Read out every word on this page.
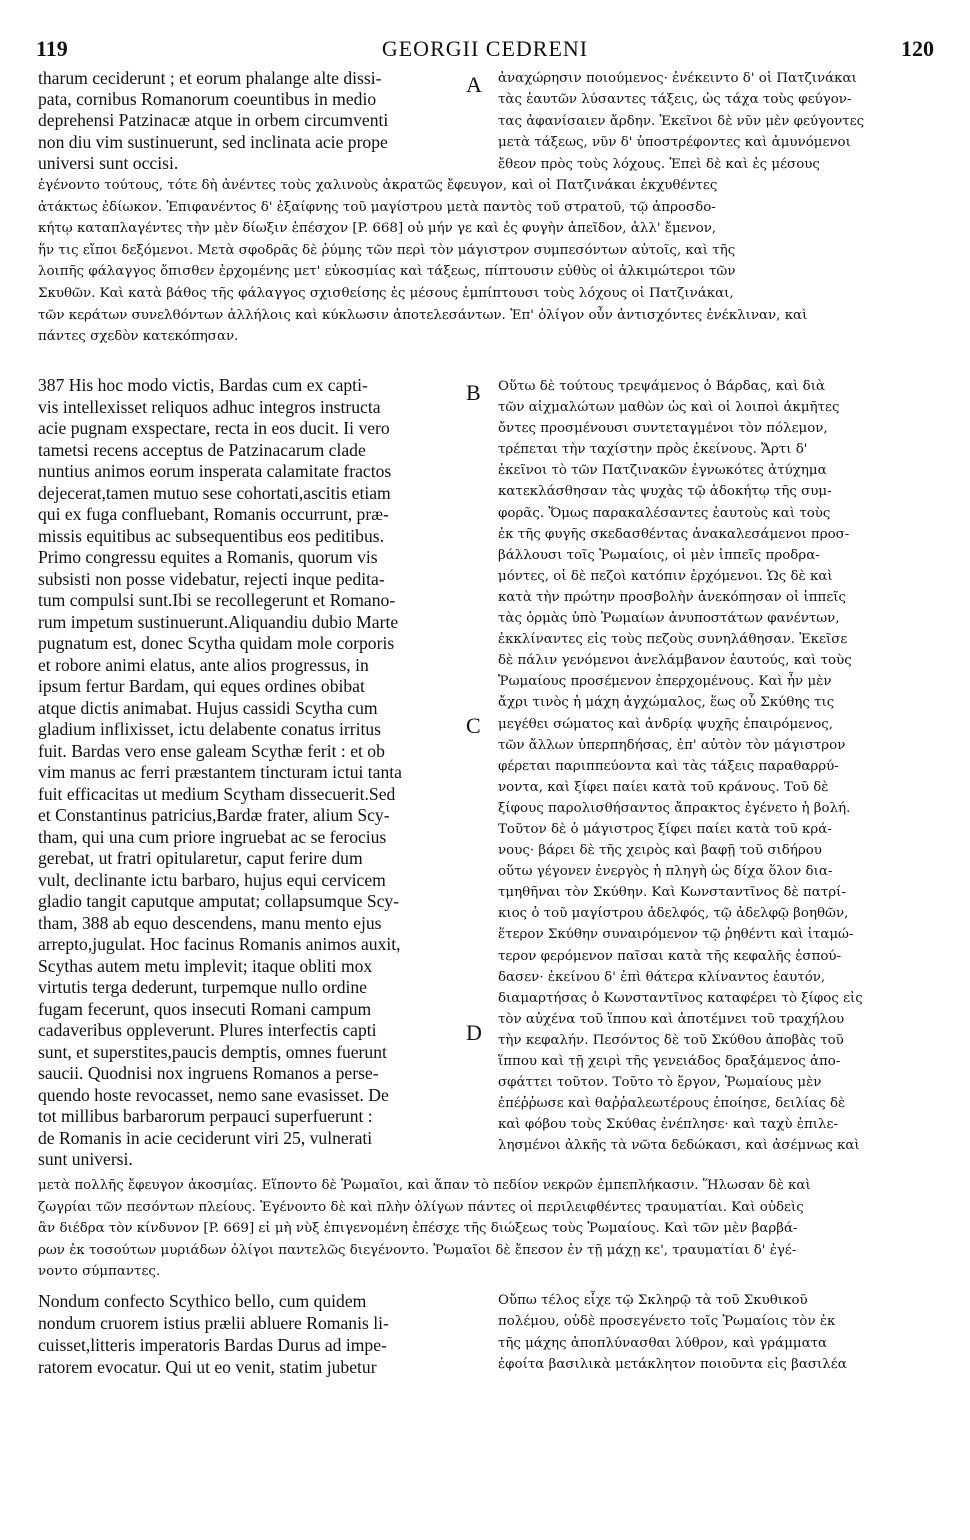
119	GEORGII CEDRENI	120
tharum ceciderunt ; et eorum phalange alte dissi-
pata, cornibus Romanorum coeuntibus in medio
deprehensi Patzinacæ atque in orbem circumventi
non diu vim sustinuerunt, sed inclinata acie prope
universi sunt occisi.
A ἀναχώρησιν ποιούμενος· ἐνέκειντο δ' οἱ Πατζινάκαι
τὰς ἑαυτῶν λύσαντες τάξεις, ὡς τάχα τοὺς φεύγον-
τας ἀφανίσαιεν ἄρδην. Ἐκεῖνοι δὲ νῦν μὲν φεύγοντες
μετὰ τάξεως, νῦν δ' ὑποστρέφοντες καὶ ἀμυνόμενοι
ἔθεον πρὸς τοὺς λόχους. Ἐπεὶ δὲ καὶ ἐς μέσους
ἐγένοντο τούτους, τότε δὴ ἀνέντες τοὺς χαλινοὺς ἀκρατῶς ἔφευγον, καὶ οἱ Πατζινάκαι ἐκχυθέντες
ἀτάκτως ἐδίωκον. Ἐπιφανέντος δ' ἐξαίφνης τοῦ μαγίστρου μετὰ παντὸς τοῦ στρατοῦ, τῷ ἀπροσδο-
κήτῳ καταπλαγέντες τὴν μὲν δίωξιν ἐπέσχον [P. 668] οὐ μήν γε καὶ ἐς φυγὴν ἀπεῖδον, ἀλλ' ἔμενον,
ἥν τις εἴποι δεξόμενοι. Μετὰ σφοδρᾶς δὲ ῥύμης τῶν περὶ τὸν μάγιστρον συμπεσόντων αὐτοῖς, καὶ τῆς
λοιπῆς φάλαγγος ὄπισθεν ἐρχομένης μετ' εὐκοσμίας καὶ τάξεως, πίπτουσιν εὐθὺς οἱ ἀλκιμώτεροι τῶν
Σκυθῶν. Καὶ κατὰ βάθος τῆς φάλαγγος σχισθείσης ἐς μέσους ἐμπίπτουσι τοὺς λόχους οἱ Πατζινάκαι,
τῶν κεράτων συνελθόντων ἀλλήλοις καὶ κύκλωσιν ἀποτελεσάντων. Ἐπ' ὀλίγον οὖν ἀντισχόντες ἐνέκλιναν, καὶ
πάντες σχεδὸν κατεκόπησαν.
387 His hoc modo victis, Bardas cum ex capti-
vis intellexisset reliquos adhuc integros instructa
acie pugnam exspectare, recta in eos ducit. Ii vero
tametsi recens acceptus de Patzinacarum clade
nuntius animos eorum insperata calamitate fractos
dejecerat,tamen mutuo sese cohortati,ascitis etiam
qui ex fuga confluebant, Romanis occurrunt, præ-
missis equitibus ac subsequentibus eos peditibus.
Primo congressu equites a Romanis, quorum vis
subsisti non posse videbatur, rejecti inque pedita-
tum compulsi sunt.Ibi se recollegerunt et Romano-
rum impetum sustinuerunt.Aliquandiu dubio Marte
pugnatum est, donec Scytha quidam mole corporis
et robore animi elatus, ante alios progressus, in
ipsum fertur Bardam, qui eques ordines obibat
atque dictis animabat. Hujus cassidi Scytha cum
gladium inflixisset, ictu delabente conatus irritus
fuit. Bardas vero ense galeam Scythæ ferit : et ob
vim manus ac ferri præstantem tincturam ictui tanta
fuit efficacitas ut medium Scytham dissecuerit.Sed
et Constantinus patricius,Bardæ frater, alium Scy-
tham, qui una cum priore ingruebat ac se ferocius
gerebat, ut fratri opitularetur, caput ferire dum
vult, declinante ictu barbaro, hujus equi cervicem
gladio tangit caputque amputat; collapsumque Scy-
tham, 388 ab equo descendens, manu mento ejus
arrepto,jugulat. Hoc facinus Romanis animos auxit,
Scythas autem metu implevit; itaque obliti mox
virtutis terga dederunt, turpemque nullo ordine
fugam fecerunt, quos insecuti Romani campum
cadaveribus oppleverunt. Plures interfectis capti
sunt, et superstites,paucis demptis, omnes fuerunt
saucii. Quodnisi nox ingruens Romanos a perse-
quendo hoste revocasset, nemo sane evasisset. De
tot millibus barbarorum perpauci superfuerunt :
de Romanis in acie ceciderunt viri 25, vulnerati
sunt universi.
B
C
D
Οὕτω δὲ τούτους τρεψάμενος ὁ Βάρδας, καὶ διὰ
τῶν αἰχμαλώτων μαθὼν ὡς καὶ οἱ λοιποὶ ἀκμῆτες
ὄντες προσμένουσι συντεταγμένοι τὸν πόλεμον,
τρέπεται τὴν ταχίστην πρὸς ἐκείνους. Ἄρτι δ'
ἐκεῖνοι τὸ τῶν Πατζινακῶν ἐγνωκότες ἀτύχημα
κατεκλάσθησαν τὰς ψυχὰς τῷ ἀδοκήτῳ τῆς συμ-
φορᾶς. Ὅμως παρακαλέσαντες ἑαυτοὺς καὶ τοὺς
ἐκ τῆς φυγῆς σκεδασθέντας ἀνακαλεσάμενοι προσ-
βάλλουσι τοῖς Ῥωμαίοις, οἱ μὲν ἱππεῖς προδρα-
μόντες, οἱ δὲ πεζοὶ κατόπιν ἐρχόμενοι. Ὡς δὲ καὶ
κατὰ τὴν πρώτην προσβολὴν ἀνεκόπησαν οἱ ἱππεῖς
τὰς ὁρμὰς ὑπὸ Ῥωμαίων ἀνυποστάτων φανέντων,
ἐκκλίναντες εἰς τοὺς πεζοὺς συνηλάθησαν. Ἐκεῖσε
δὲ πάλιν γενόμενοι ἀνελάμβανον ἑαυτούς, καὶ τοὺς
Ῥωμαίους προσέμενον ἐπερχομένους. Καὶ ἦν μὲν
ἄχρι τινὸς ἡ μάχη ἀγχώμαλος, ἕως οὗ Σκύθης τις
μεγέθει σώματος καὶ ἀνδρίᾳ ψυχῆς ἐπαιρόμενος,
τῶν ἄλλων ὑπερπηδήσας, ἐπ' αὐτὸν τὸν μάγιστρον
φέρεται παριππεύοντα καὶ τὰς τάξεις παραθαρρύ-
νοντα, καὶ ξίφει παίει κατὰ τοῦ κράνους. Τοῦ δὲ
ξίφους παρολισθήσαντος ἄπρακτος ἐγένετο ἡ βολή.
Τοῦτον δὲ ὁ μάγιστρος ξίφει παίει κατὰ τοῦ κρά-
νους· βάρει δὲ τῆς χειρὸς καὶ βαφῇ τοῦ σιδήρου
οὕτω γέγονεν ἐνεργὸς ἡ πληγὴ ὡς δίχα ὅλον δια-
τμηθῆναι τὸν Σκύθην. Καὶ Κωνσταντῖνος δὲ πατρί-
κιος ὁ τοῦ μαγίστρου ἀδελφός, τῷ ἀδελφῷ βοηθῶν,
ἕτερον Σκύθην συναιρόμενον τῷ ῥηθέντι καὶ ἰταμώ-
τερον φερόμενον παῖσαι κατὰ τῆς κεφαλῆς ἐσπού-
δασεν· ἐκείνου δ' ἐπὶ θάτερα κλίναντος ἑαυτόν,
διαμαρτήσας ὁ Κωνσταντῖνος καταφέρει τὸ ξίφος εἰς
τὸν αὐχένα τοῦ ἵππου καὶ ἀποτέμνει τοῦ τραχήλου
τὴν κεφαλήν. Πεσόντος δὲ τοῦ Σκύθου ἀποβὰς τοῦ
ἵππου καὶ τῇ χειρὶ τῆς γενειάδος δραξάμενος ἀπο-
σφάττει τοῦτον. Τοῦτο τὸ ἔργον, Ῥωμαίους μὲν
ἐπέῤῥωσε καὶ θαῤῥαλεωτέρους ἐποίησε, δειλίας δὲ
καὶ φόβου τοὺς Σκύθας ἐνέπλησε· καὶ ταχὺ ἐπιλε-
λησμένοι ἀλκῆς τὰ νῶτα δεδώκασι, καὶ ἀσέμνως καὶ
μετὰ πολλῆς ἔφευγον ἀκοσμίας. Εἵποντο δὲ Ῥωμαῖοι, καὶ ἅπαν τὸ πεδίον νεκρῶν ἐμπεπλήκασιν. Ἥλωσαν δὲ καὶ
ζωγρίαι τῶν πεσόντων πλείους. Ἐγένοντο δὲ καὶ πλὴν ὀλίγων πάντες οἱ περιλειφθέντες τραυματίαι. Καὶ οὐδεὶς
ἂν διέδρα τὸν κίνδυνον [P. 669] εἰ μὴ νὺξ ἐπιγενομένη ἐπέσχε τῆς διώξεως τοὺς Ῥωμαίους. Καὶ τῶν μὲν βαρβά-
ρων ἐκ τοσούτων μυριάδων ὀλίγοι παντελῶς διεγένοντο. Ῥωμαῖοι δὲ ἔπεσον ἐν τῇ μάχῃ κε', τραυματίαι δ' ἐγέ-
νοντο σύμπαντες.
Nondum confecto Scythico bello, cum quidem
nondum cruorem istius prælii abluere Romanis li-
cuisset,litteris imperatoris Bardas Durus ad impe-
ratorem evocatur. Qui ut eo venit, statim jubetur
Οὔπω τέλος εἶχε τῷ Σκληρῷ τὰ τοῦ Σκυθικοῦ
πολέμου, οὐδὲ προσεγένετο τοῖς Ῥωμαίοις τὸν ἐκ
τῆς μάχης ἀποπλύνασθαι λύθρον, καὶ γράμματα
ἐφοίτα βασιλικὰ μετάκλητον ποιοῦντα εἰς βασιλέα
